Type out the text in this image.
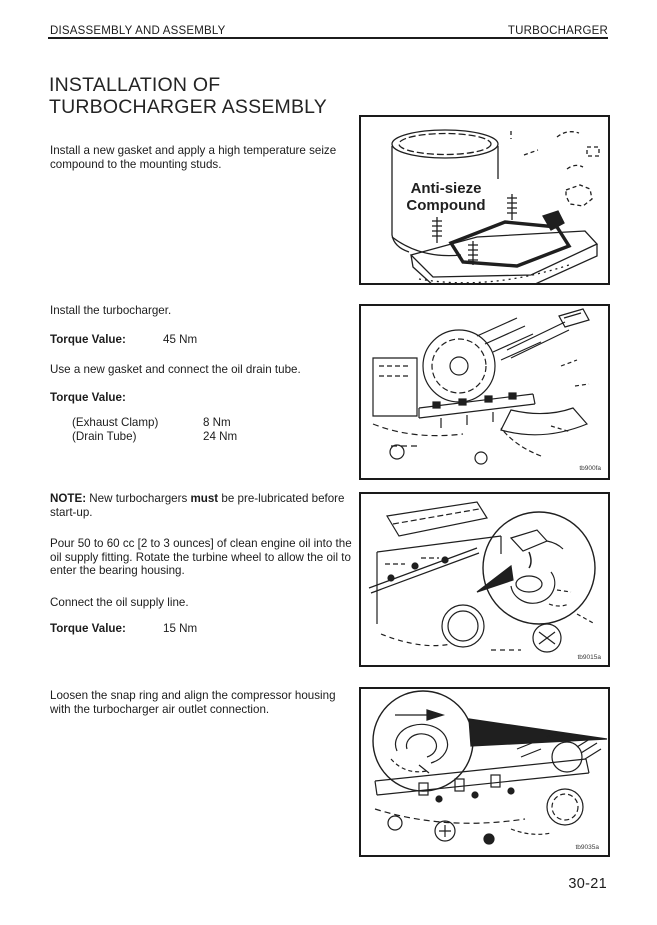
DISASSEMBLY AND ASSEMBLY	TURBOCHARGER
INSTALLATION OF
TURBOCHARGER ASSEMBLY

Install a new gasket and apply a high temperature seize compound to the mounting studs.

Install the turbocharger.

Torque Value:	45 Nm

Use a new gasket and connect the oil drain tube.

Torque Value:
(Exhaust Clamp)	8 Nm
(Drain Tube)	24 Nm

NOTE: New turbochargers must be pre-lubricated before start-up.

Pour 50 to 60 cc [2 to 3 ounces] of clean engine oil into the oil supply fitting. Rotate the turbine wheel to allow the oil to enter the bearing housing.

Connect the oil supply line.

Torque Value:	15 Nm

Loosen the snap ring and align the compressor housing with the turbocharger air outlet connection.

Anti-sieze
Compound
tb900fa
tb9015a
tb9035a
30-21
